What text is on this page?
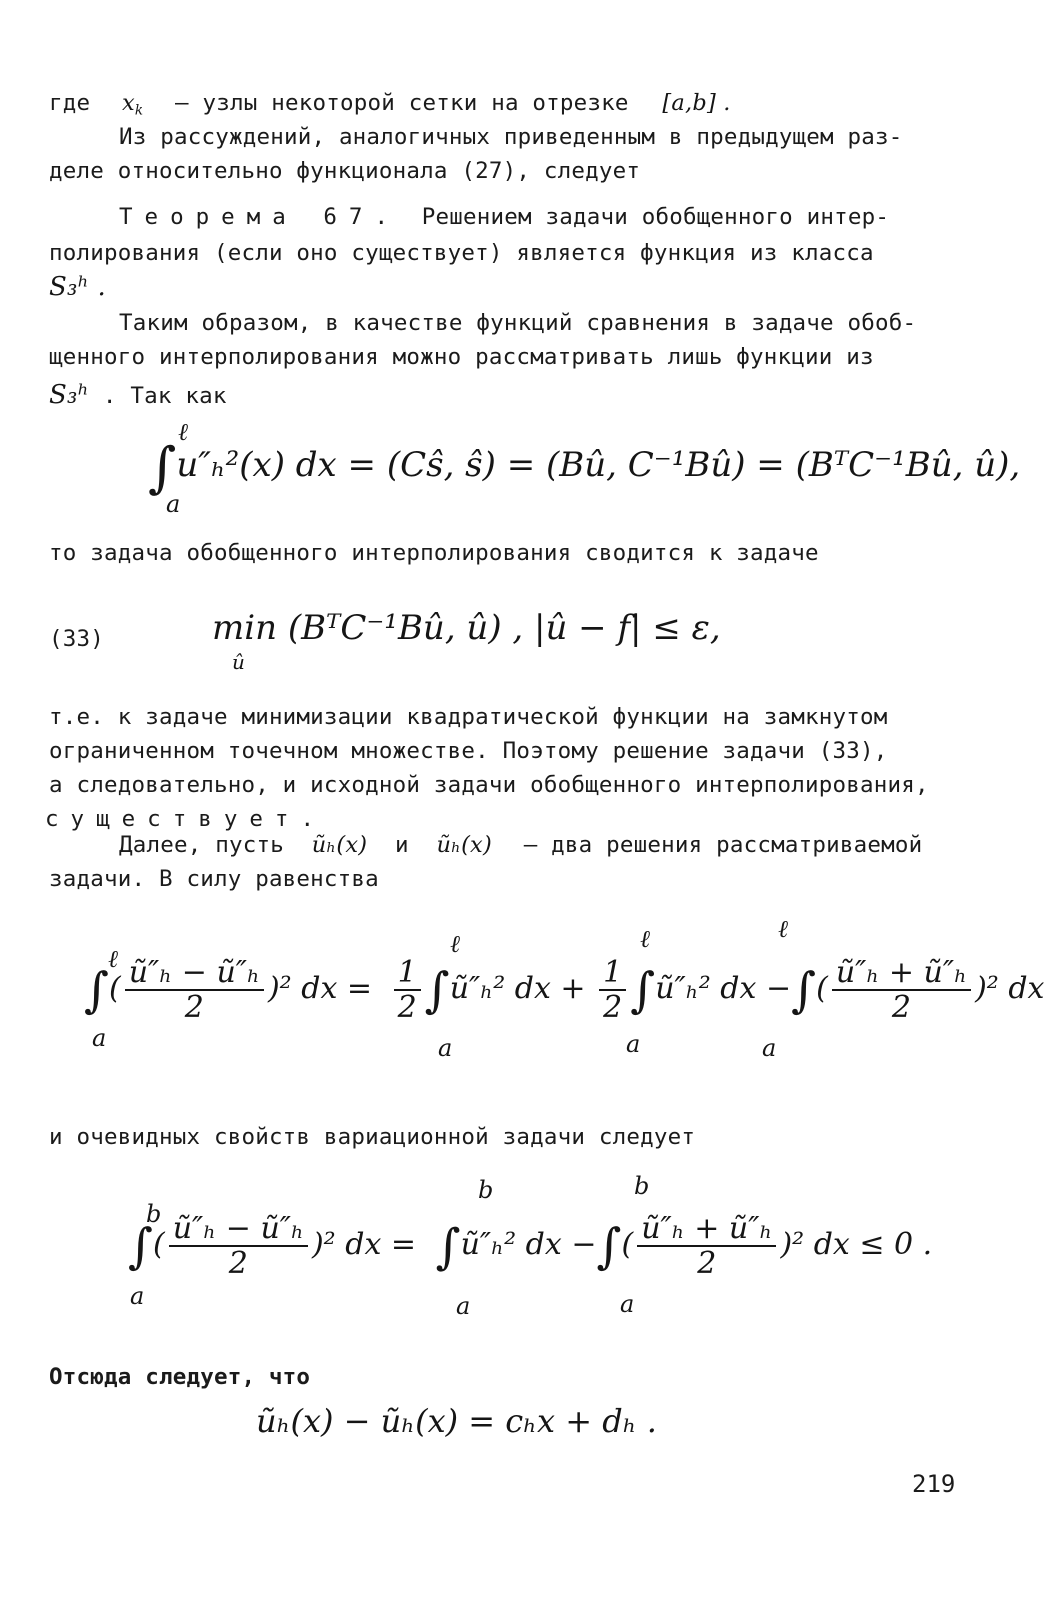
где $x_k$ – узлы некоторой сетки на отрезке [a,b] .
Из рассуждений, аналогичных приведенным в предыдущем раз-
деле относительно функционала (27), следует
Теорема 67. Решением задачи обобщенного интер-
полирования (если оно существует) является функция из класса
S₃ʰ .
Таким образом, в качестве функций сравнения в задаче обоб-
щенного интерполирования можно рассматривать лишь функции из
S₃ʰ . Так как
∫u″ₕ²(x) dx = (Cŝ, ŝ) = (Bû, C⁻¹Bû) = (BᵀC⁻¹Bû, û),
ℓ
a
то задача обобщенного интерполирования сводится к задаче
(33)	min (BᵀC⁻¹Bû, û) , |û − f| ≤ ε,
û
т.е. к задаче минимизации квадратической функции на замкнутом
ограниченном точечном множестве. Поэтому решение задачи (33),
а следовательно, и исходной задачи обобщенного интерполирования,
существует.
Далее, пусть ũₕ(x) и ũₕ(x) – два решения рассматриваемой
задачи. В силу равенства
∫( $\frac{\text{ũ″ₕ − ũ″ₕ}}{2} )^2$ dx = $\frac{1}{2}$ ∫ũ″ₕ² dx + $\frac{1}{2}$ ∫ũ″ₕ² dx −∫( $\frac{\text{ũ″ₕ + ũ″ₕ}}{2} )^2$ dx
ℓ
a
ℓ
a
ℓ
a
ℓ
a
и очевидных свойств вариационной задачи следует
∫( $\frac{\text{ũ″ₕ − ũ″ₕ}}{2} )^2$ dx = ∫ũ″ₕ² dx −∫( $\frac{\text{ũ″ₕ + ũ″ₕ}}{2} )^2$ dx ≤ 0 .
b
a
b
a
b
a
Отсюда следует, что
ũₕ(x) − ũₕ(x) = cₕx + dₕ .
219
